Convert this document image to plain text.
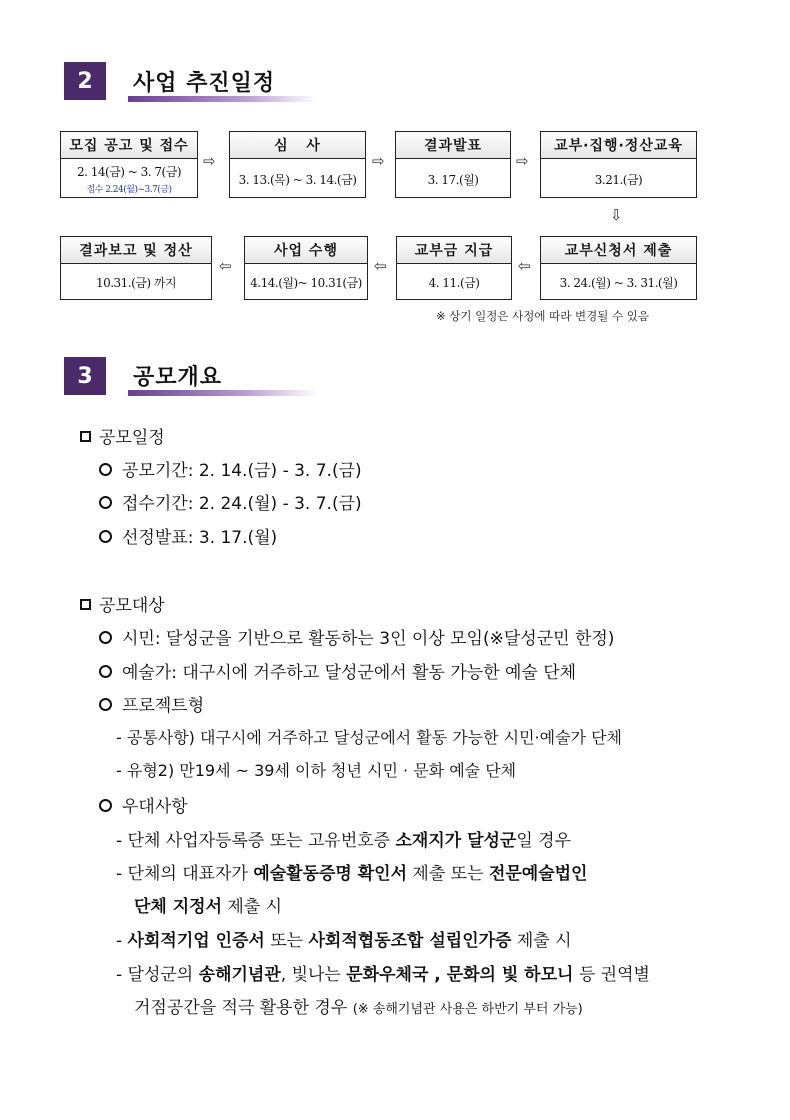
2	사업 추진일정
모집 공고 및 접수
2. 14(금) ~ 3. 7(금)
접수 2.24(월)~3.7(금)
⇨
심   사
3. 13.(목) ~ 3. 14.(금)
⇨
결과발표
3. 17.(월)
⇨
교부·집행·정산교육
3.21.(금)
⇩
결과보고 및 정산
10.31.(금) 까지
⇦
사업 수행
4.14.(월)~ 10.31(금)
⇦
교부금 지급
4. 11.(금)
⇦
교부신청서 제출
3. 24.(월) ~ 3. 31.(월)
※ 상기 일정은 사정에 따라 변경될 수 있음
3	공모개요
공모일정
공모기간: 2. 14.(금) - 3. 7.(금)
접수기간: 2. 24.(월) - 3. 7.(금)
선정발표: 3. 17.(월)
공모대상
시민: 달성군을 기반으로 활동하는 3인 이상 모임(※달성군민 한정)
예술가: 대구시에 거주하고 달성군에서 활동 가능한 예술 단체
프로젝트형
- 공통사항) 대구시에 거주하고 달성군에서 활동 가능한 시민·예술가 단체
- 유형2) 만19세 ~ 39세 이하 청년 시민 · 문화 예술 단체
우대사항
- 단체 사업자등록증 또는 고유번호증 소재지가 달성군일 경우
- 단체의 대표자가 예술활동증명 확인서 제출 또는 전문예술법인
단체 지정서 제출 시
- 사회적기업 인증서 또는 사회적협동조합 설립인가증 제출 시
- 달성군의 송해기념관, 빛나는 문화우체국 , 문화의 빛 하모니 등 권역별
거점공간을 적극 활용한 경우 (※ 송해기념관 사용은 하반기 부터 가능)
